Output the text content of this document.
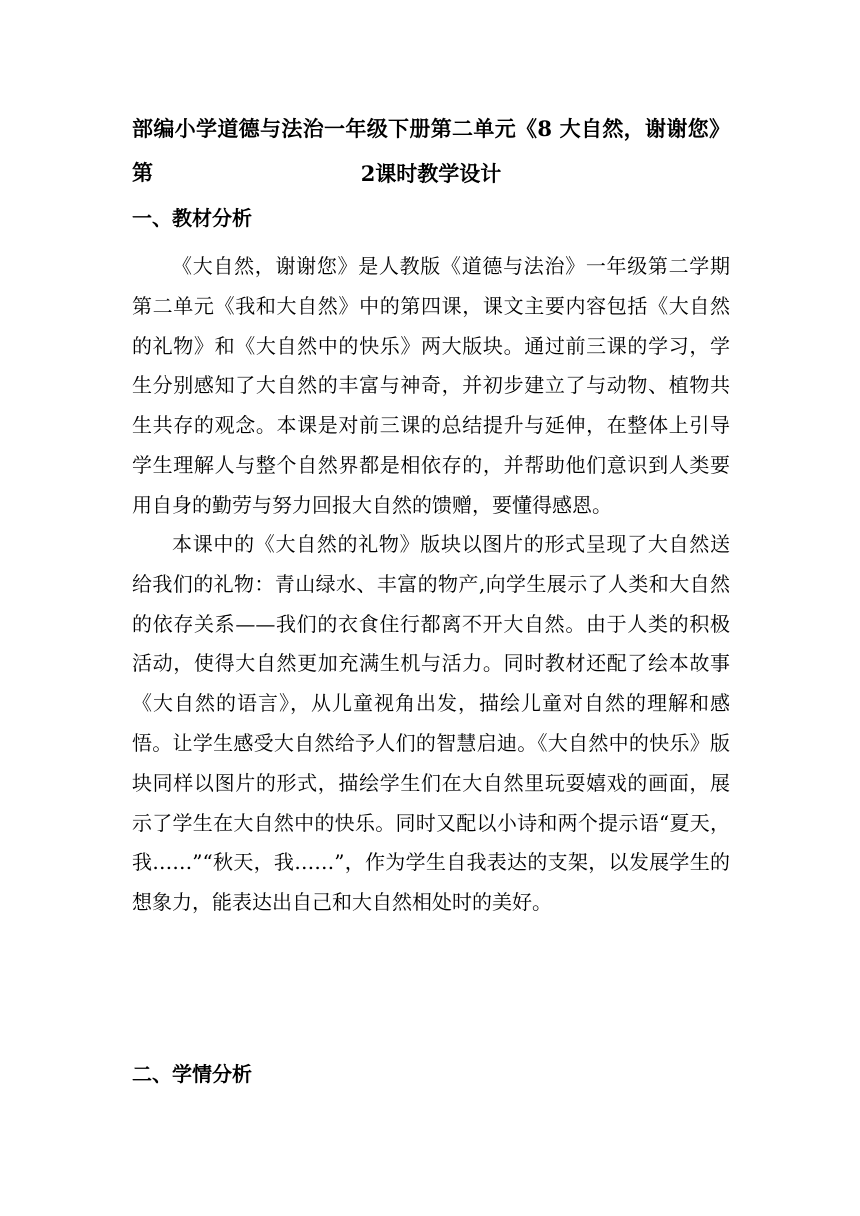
部编小学道德与法治一年级下册第二单元《8 大自然，谢谢您》 第	2课时教学设计
一、教材分析

《大自然，谢谢您》是人教版《道德与法治》一年级第二学期第二单元《我和大自然》中的第四课，课文主要内容包括《大自然的礼物》和《大自然中的快乐》两大版块。通过前三课的学习，学生分别感知了大自然的丰富与神奇，并初步建立了与动物、植物共生共存的观念。本课是对前三课的总结提升与延伸，在整体上引导学生理解人与整个自然界都是相依存的，并帮助他们意识到人类要用自身的勤劳与努力回报大自然的馈赠，要懂得感恩。

本课中的《大自然的礼物》版块以图片的形式呈现了大自然送给我们的礼物：青山绿水、丰富的物产,向学生展示了人类和大自然的依存关系——我们的衣食住行都离不开大自然。由于人类的积极活动，使得大自然更加充满生机与活力。同时教材还配了绘本故事《大自然的语言》，从儿童视角出发，描绘儿童对自然的理解和感悟。让学生感受大自然给予人们的智慧启迪。《大自然中的快乐》版块同样以图片的形式，描绘学生们在大自然里玩耍嬉戏的画面，展示了学生在大自然中的快乐。同时又配以小诗和两个提示语“夏天，我……”“秋天，我……”，作为学生自我表达的支架，以发展学生的想象力，能表达出自己和大自然相处时的美好。

二、学情分析
